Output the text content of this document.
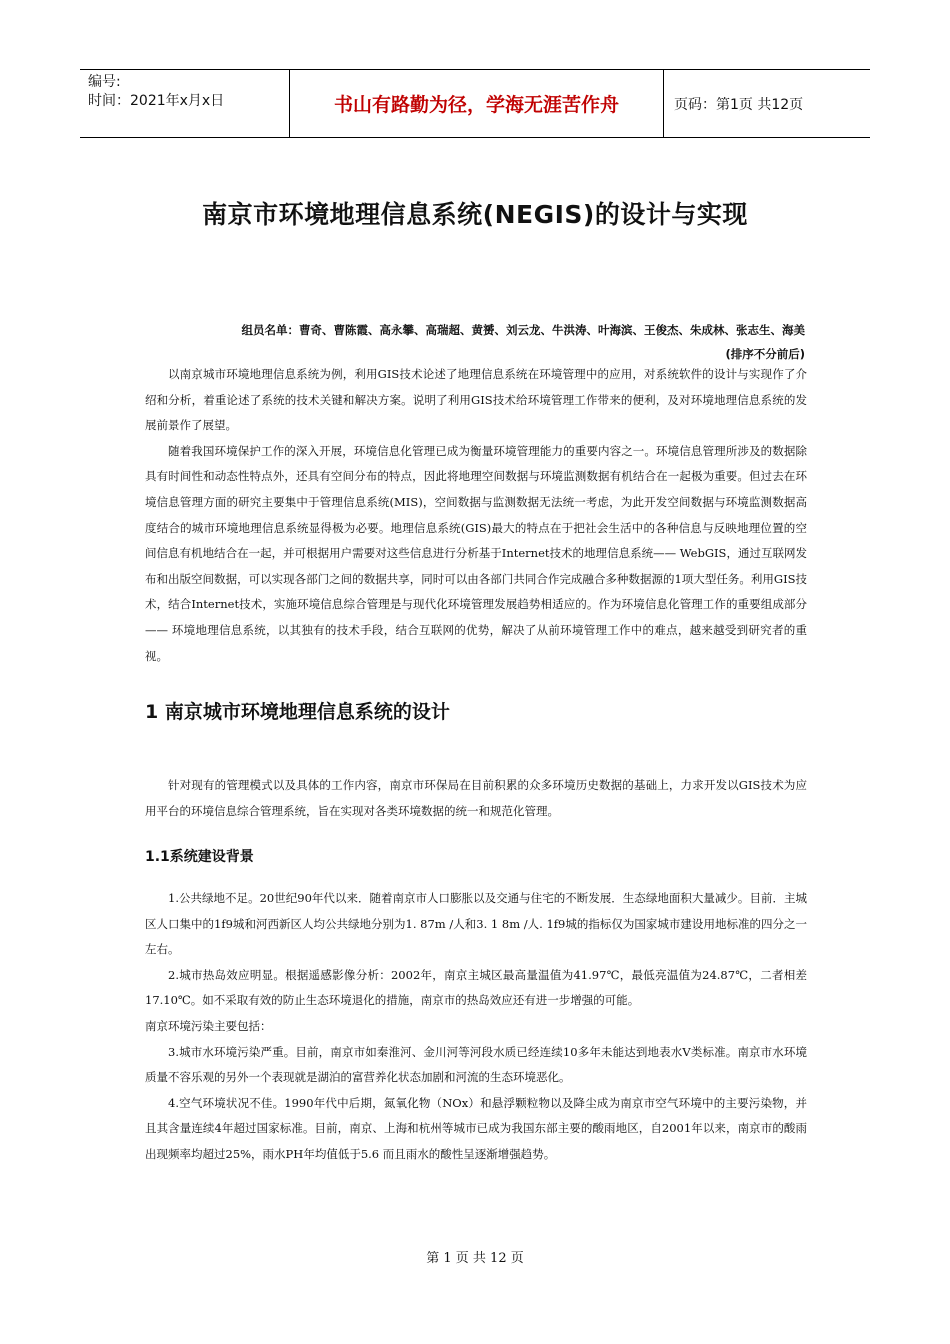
编号:
时间：2021年x月x日	书山有路勤为径，学海无涯苦作舟	页码：第1页 共12页
南京市环境地理信息系统(NEGIS)的设计与实现
组员名单：曹奇、曹陈霞、高永攀、高瑞超、黄赟、刘云龙、牛洪涛、叶海滨、王俊杰、朱成林、张志生、海美
(排序不分前后)

以南京城市环境地理信息系统为例，利用GIS技术论述了地理信息系统在环境管理中的应用，对系统软件的设计与实现作了介绍和分析，着重论述了系统的技术关键和解决方案。说明了利用GIS技术给环境管理工作带来的便利，及对环境地理信息系统的发展前景作了展望。

随着我国环境保护工作的深入开展，环境信息化管理已成为衡量环境管理能力的重要内容之一。环境信息管理所涉及的数据除具有时间性和动态性特点外，还具有空间分布的特点，因此将地理空间数据与环境监测数据有机结合在一起极为重要。但过去在环境信息管理方面的研究主要集中于管理信息系统(MIS)，空间数据与监测数据无法统一考虑，为此开发空间数据与环境监测数据高度结合的城市环境地理信息系统显得极为必要。地理信息系统(GIS)最大的特点在于把社会生活中的各种信息与反映地理位置的空间信息有机地结合在一起，并可根据用户需要对这些信息进行分析基于Internet技术的地理信息系统—— WebGIS，通过互联网发布和出版空间数据，可以实现各部门之间的数据共享，同时可以由各部门共同合作完成融合多种数据源的1项大型任务。利用GIS技术，结合Internet技术，实施环境信息综合管理是与现代化环境管理发展趋势相适应的。作为环境信息化管理工作的重要组成部分—— 环境地理信息系统，以其独有的技术手段，结合互联网的优势，解决了从前环境管理工作中的难点，越来越受到研究者的重视。

1 南京城市环境地理信息系统的设计

针对现有的管理模式以及具体的工作内容，南京市环保局在目前积累的众多环境历史数据的基础上，力求开发以GIS技术为应用平台的环境信息综合管理系统，旨在实现对各类环境数据的统一和规范化管理。

1.1系统建设背景

1.公共绿地不足。20世纪90年代以来．随着南京市人口膨胀以及交通与住宅的不断发展．生态绿地面积大量减少。目前．主城区人口集中的1f9城和河西新区人均公共绿地分别为1. 87m /人和3. 1 8m /人. 1f9城的指标仅为国家城市建设用地标准的四分之一左右。

2.城市热岛效应明显。根据遥感影像分析：2002年，南京主城区最高量温值为41.97℃，最低亮温值为24.87℃，二者相差17.10℃。如不采取有效的防止生态环境退化的措施，南京市的热岛效应还有进一步增强的可能。

南京环境污染主要包括：

3.城市水环境污染严重。目前，南京市如秦淮河、金川河等河段水质已经连续10多年未能达到地表水V类标准。南京市水环境质量不容乐观的另外一个表现就是湖泊的富营养化状态加剧和河流的生态环境恶化。

4.空气环境状况不佳。1990年代中后期，氮氧化物（NOx）和悬浮颗粒物以及降尘成为南京市空气环境中的主要污染物，并且其含量连续4年超过国家标准。目前，南京、上海和杭州等城市已成为我国东部主要的酸雨地区，自2001年以来，南京市的酸雨出现频率均超过25%，雨水PH年均值低于5.6 而且雨水的酸性呈逐渐增强趋势。

第 1 页 共 12 页
